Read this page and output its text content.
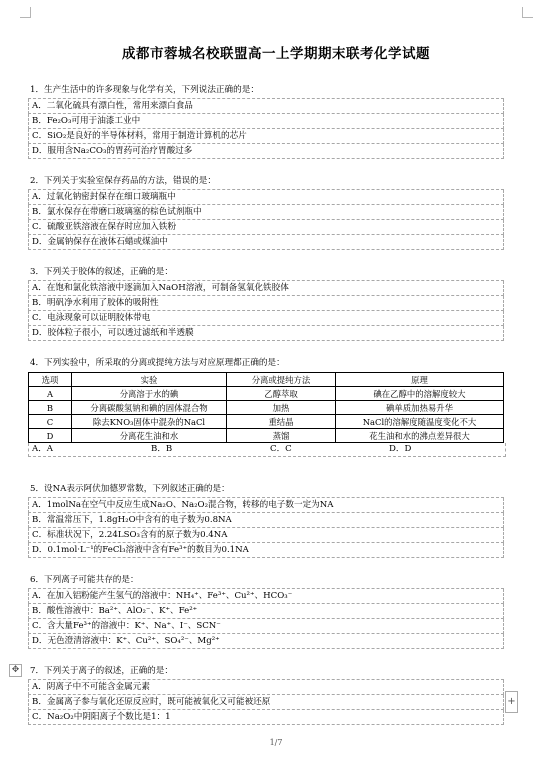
成都市蓉城名校联盟高一上学期期末联考化学试题
1．生产生活中的许多现象与化学有关，下列说法正确的是：
A．二氧化硫具有漂白性，常用来漂白食品
B．Fe₂O₃可用于油漆工业中
C．SiO₂是良好的半导体材料，常用于制造计算机的芯片
D．服用含Na₂CO₃的胃药可治疗胃酸过多
2．下列关于实验室保存药品的方法，错误的是：
A．过氧化钠密封保存在细口玻璃瓶中
B．氯水保存在带磨口玻璃塞的棕色试剂瓶中
C．硫酸亚铁溶液在保存时应加入铁粉
D．金属钠保存在液体石蜡或煤油中
3．下列关于胶体的叙述，正确的是：
A．在饱和氯化铁溶液中逐滴加入NaOH溶液，可制备氢氧化铁胶体
B．明矾净水利用了胶体的吸附性
C．电泳现象可以证明胶体带电
D．胶体粒子很小，可以透过滤纸和半透膜
4．下列实验中，所采取的分离或提纯方法与对应原理都正确的是：
选项	实验	分离或提纯方法	原理
A	分离溶于水的碘	乙醇萃取	碘在乙醇中的溶解度较大
B	分离碳酸氢钠和碘的固体混合物	加热	碘单质加热易升华
C	除去KNO₃固体中混杂的NaCl	重结晶	NaCl的溶解度随温度变化不大
D	分离花生油和水	蒸馏	花生油和水的沸点差异很大
A．A	B．B	C．C	D．D
5．设NA表示阿伏加德罗常数，下列叙述正确的是：
A．1molNa在空气中反应生成Na₂O、Na₂O₂混合物，转移的电子数一定为NA
B．常温常压下，1.8gH₂O中含有的电子数为0.8NA
C．标准状况下，2.24LSO₃含有的原子数为0.4NA
D．0.1mol·L⁻¹的FeCl₃溶液中含有Fe³⁺的数目为0.1NA
6．下列离子可能共存的是：
A．在加入铝粉能产生氢气的溶液中：NH₄⁺、Fe³⁺、Cu²⁺、HCO₃⁻
B．酸性溶液中：Ba²⁺、AlO₂⁻、K⁺、Fe²⁺
C．含大量Fe³⁺的溶液中：K⁺、Na⁺、I⁻、SCN⁻
D．无色澄清溶液中：K⁺、Cu²⁺、SO₄²⁻、Mg²⁺
7．下列关于离子的叙述，正确的是：
A．阴离子中不可能含金属元素
B．金属离子参与氧化还原反应时，既可能被氧化又可能被还原
C．Na₂O₂中阴阳离子个数比是1：1
✥
+
1/7
